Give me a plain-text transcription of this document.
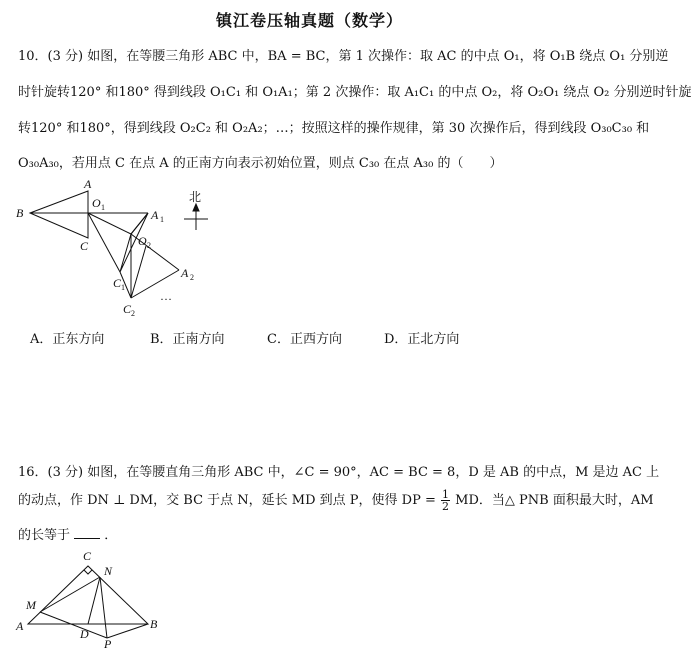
镇江卷压轴真题（数学）
10．(3 分) 如图，在等腰三角形 ABC 中，BA = BC，第 1 次操作：取 AC 的中点 O₁，将 O₁B 绕点 O₁ 分别逆
时针旋转120° 和180° 得到线段 O₁C₁ 和 O₁A₁；第 2 次操作：取 A₁C₁ 的中点 O₂，将 O₂O₁ 绕点 O₂ 分别逆时针旋
转120° 和180°，得到线段 O₂C₂ 和 O₂A₂；…；按照这样的操作规律，第 30 次操作后，得到线段 O₃₀C₃₀ 和
O₃₀A₃₀，若用点 C 在点 A 的正南方向表示初始位置，则点 C₃₀ 在点 A₃₀ 的（　　）
A
B
C
O 1
A 1
C 1
O 2
A 2
C 2
…
北
A．正东方向	B．正南方向	C．正西方向	D．正北方向
16．(3 分) 如图，在等腰直角三角形 ABC 中，∠C = 90°，AC = BC = 8，D 是 AB 的中点，M 是边 AC 上
的动点，作 DN ⊥ DM，交 BC 于点 N，延长 MD 到点 P，使得 DP = $\frac{1}{2}$ MD．当△ PNB 面积最大时，AM
的长等于	．
C
N
M
A
D
P
B
